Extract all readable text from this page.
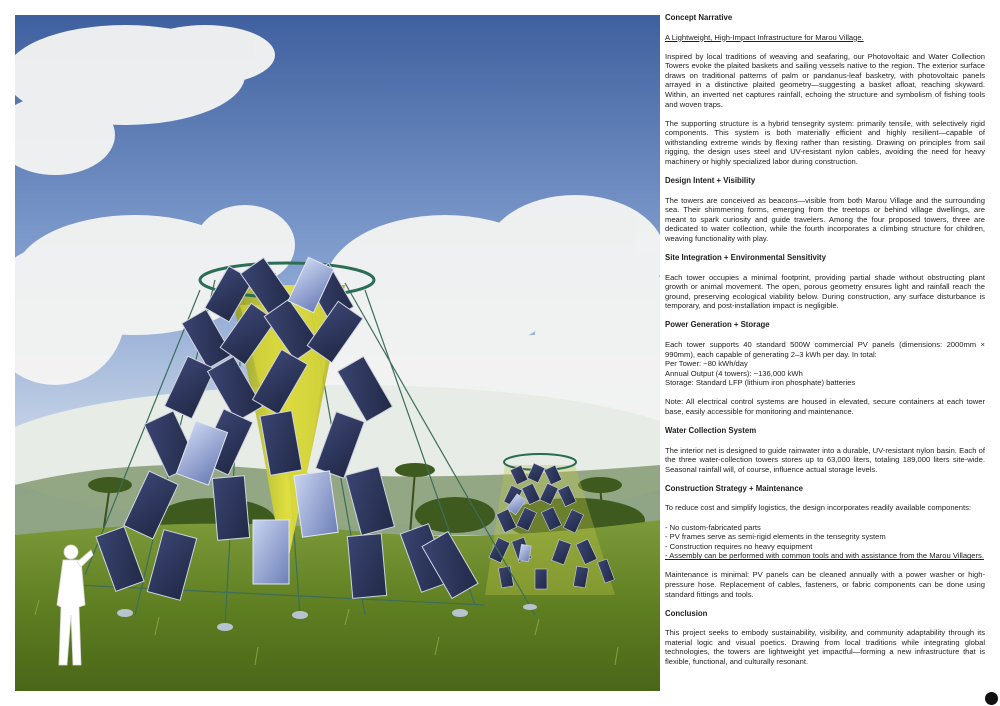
Concept Narrative

A Lightweight, High-Impact Infrastructure for Marou Village.

Inspired by local traditions of weaving and seafaring, our Photovoltaic and Water Collection Towers evoke the plaited baskets and sailing vessels native to the region. The exterior surface draws on traditional patterns of palm or pandanus-leaf basketry, with photovoltaic panels arrayed in a distinctive plaited geometry—suggesting a basket afloat, reaching skyward. Within, an inverted net captures rainfall, echoing the structure and symbolism of fishing tools and woven traps.

The supporting structure is a hybrid tensegrity system: primarily tensile, with selectively rigid components. This system is both materially efficient and highly resilient—capable of withstanding extreme winds by flexing rather than resisting. Drawing on principles from sail rigging, the design uses steel and UV-resistant nylon cables, avoiding the need for heavy machinery or highly specialized labor during construction.

Design Intent + Visibility

The towers are conceived as beacons—visible from both Marou Village and the surrounding sea. Their shimmering forms, emerging from the treetops or behind village dwellings, are meant to spark curiosity and guide travelers. Among the four proposed towers, three are dedicated to water collection, while the fourth incorporates a climbing structure for children, weaving functionality with play.

Site Integration + Environmental Sensitivity

Each tower occupies a minimal footprint, providing partial shade without obstructing plant growth or animal movement. The open, porous geometry ensures light and rainfall reach the ground, preserving ecological viability below. During construction, any surface disturbance is temporary, and post-installation impact is negligible.

Power Generation + Storage
Each tower supports 40 standard 500W commercial PV panels (dimensions: 2000mm × 990mm), each capable of generating 2–3 kWh per day. In total:
Per Tower: ~80 kWh/day
Annual Output (4 towers): ~136,000 kWh
Storage: Standard LFP (lithium iron phosphate) batteries

Note: All electrical control systems are housed in elevated, secure containers at each tower base, easily accessible for monitoring and maintenance.

Water Collection System

The interior net is designed to guide rainwater into a durable, UV-resistant nylon basin. Each of the three water-collection towers stores up to 63,000 liters, totaling 189,000 liters site-wide. Seasonal rainfall will, of course, influence actual storage levels.

Construction Strategy + Maintenance

To reduce cost and simplify logistics, the design incorporates readily available components:

- No custom-fabricated parts
- PV frames serve as semi-rigid elements in the tensegrity system
- Construction requires no heavy equipment
- Assembly can be performed with common tools and with assistance from the Marou Villagers.

Maintenance is minimal: PV panels can be cleaned annually with a power washer or high-pressure hose. Replacement of cables, fasteners, or fabric components can be done using standard fittings and tools.

Conclusion

This project seeks to embody sustainability, visibility, and community adaptability through its material logic and visual poetics. Drawing from local traditions while integrating global technologies, the towers are lightweight yet impactful—forming a new infrastructure that is flexible, functional, and culturally resonant.
